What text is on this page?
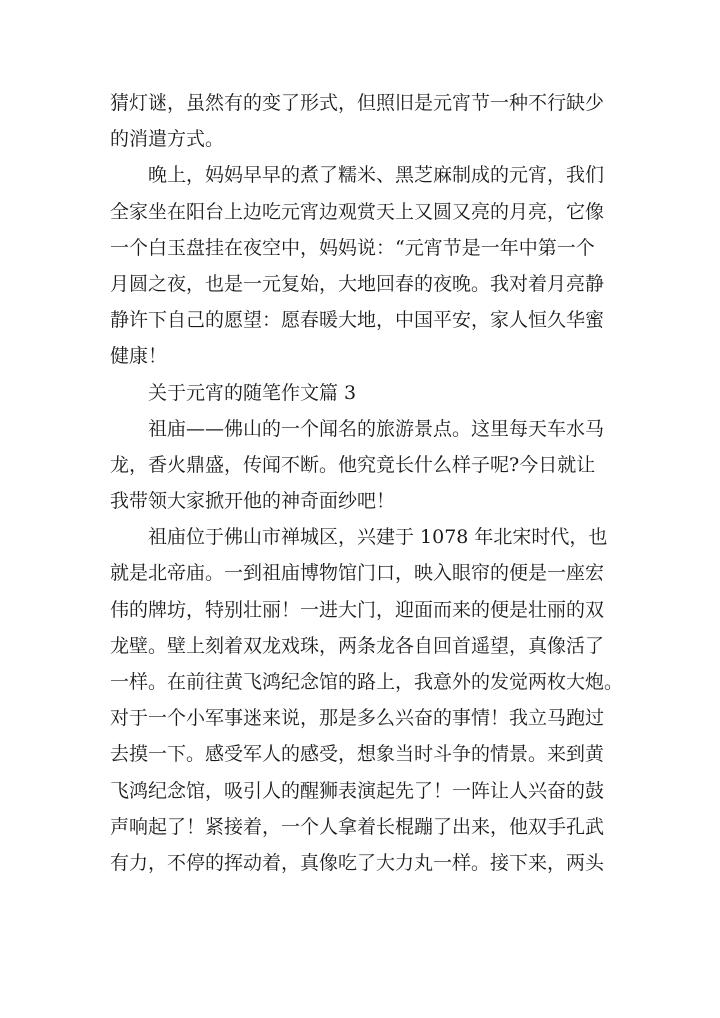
猜灯谜，虽然有的变了形式，但照旧是元宵节一种不行缺少
的消遣方式。
晚上，妈妈早早的煮了糯米、黑芝麻制成的元宵，我们
全家坐在阳台上边吃元宵边观赏天上又圆又亮的月亮，它像
一个白玉盘挂在夜空中，妈妈说：“元宵节是一年中第一个
月圆之夜，也是一元复始，大地回春的夜晚。我对着月亮静
静许下自己的愿望：愿春暖大地，中国平安，家人恒久华蜜
健康！
关于元宵的随笔作文篇 3
祖庙——佛山的一个闻名的旅游景点。这里每天车水马
龙，香火鼎盛，传闻不断。他究竟长什么样子呢?今日就让
我带领大家掀开他的神奇面纱吧！
祖庙位于佛山市禅城区，兴建于 1078 年北宋时代，也
就是北帝庙。一到祖庙博物馆门口，映入眼帘的便是一座宏
伟的牌坊，特别壮丽！一进大门，迎面而来的便是壮丽的双
龙壁。壁上刻着双龙戏珠，两条龙各自回首遥望，真像活了
一样。在前往黄飞鸿纪念馆的路上，我意外的发觉两枚大炮。
对于一个小军事迷来说，那是多么兴奋的事情！我立马跑过
去摸一下。感受军人的感受，想象当时斗争的情景。来到黄
飞鸿纪念馆，吸引人的醒狮表演起先了！一阵让人兴奋的鼓
声响起了！紧接着，一个人拿着长棍蹦了出来，他双手孔武
有力，不停的挥动着，真像吃了大力丸一样。接下来，两头
